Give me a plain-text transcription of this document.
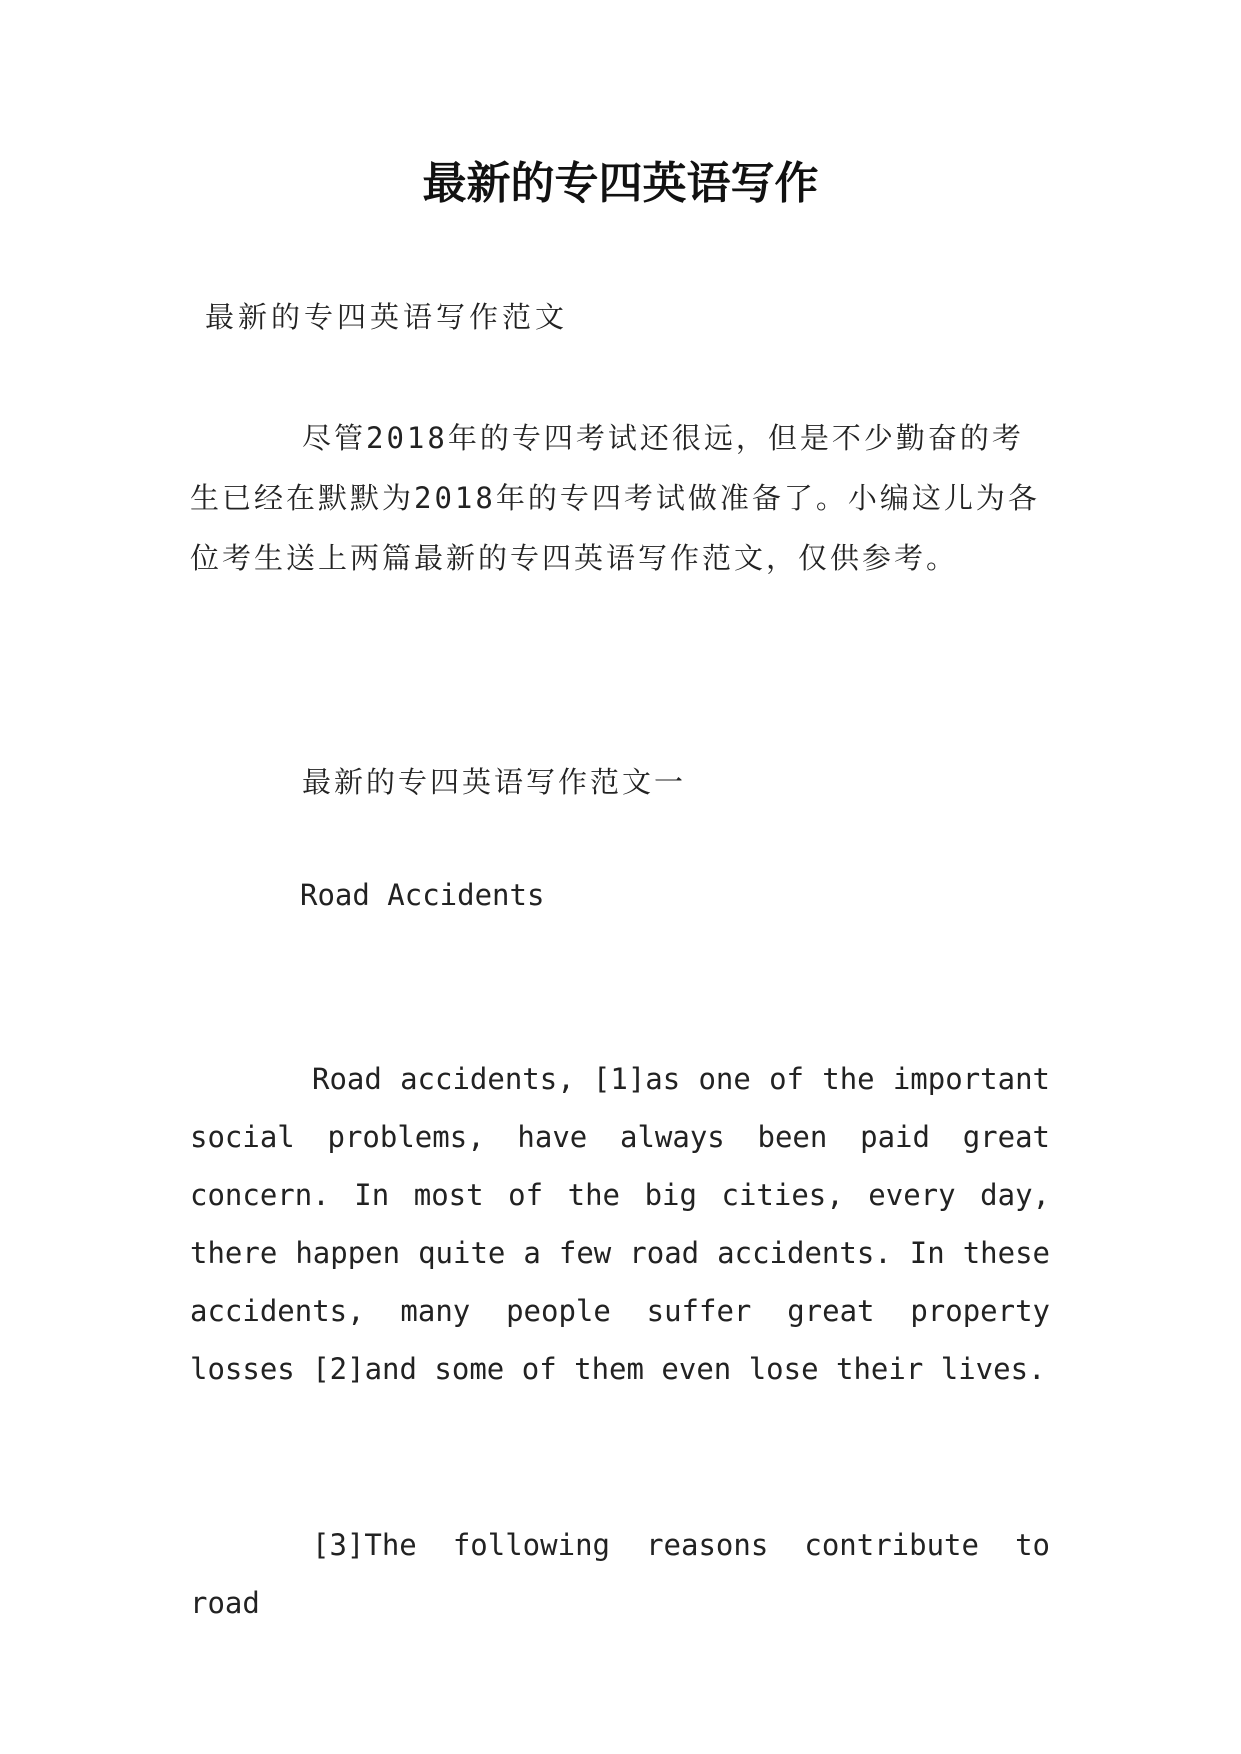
最新的专四英语写作
最新的专四英语写作范文
尽管2018年的专四考试还很远，但是不少勤奋的考生已经在默默为2018年的专四考试做准备了。小编这儿为各位考生送上两篇最新的专四英语写作范文，仅供参考。
最新的专四英语写作范文一
Road Accidents
Road accidents, [1]as one of the important social problems, have always been paid great concern. In most of the big cities, every day, there happen quite a few road accidents. In these accidents, many people suffer great property losses [2]and some of them even lose their lives.
[3]The following reasons contribute to road
